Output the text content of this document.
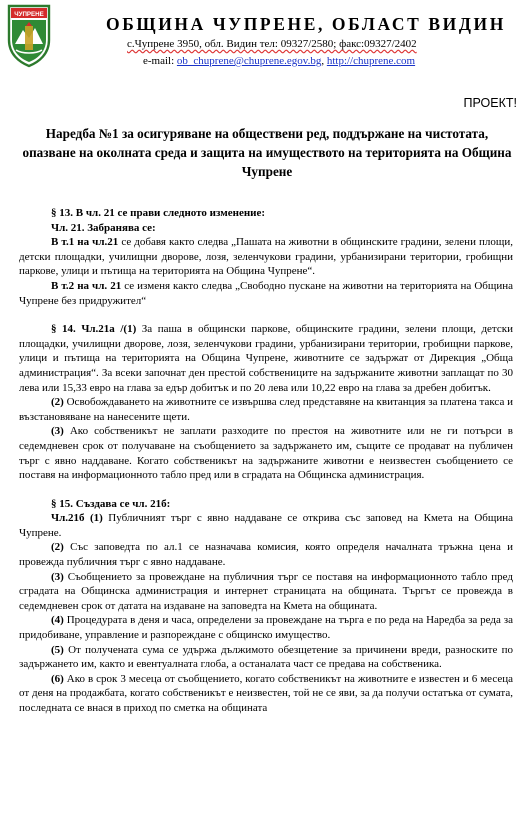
ЧУПРЕНЕ	ОБЩИНА ЧУПРЕНЕ, ОБЛАСТ ВИДИН
с.Чупрене 3950, обл. Видин тел: 09327/2580; факс:09327/2402
e-mail: ob_chuprene@chuprene.egov.bg, http://chuprene.com
ПРОЕКТ!
Наредба №1 за осигуряване на обществени ред, поддържане на чистотата, опазване на околната среда и защита на имуществото на територията на Община Чупрене

§ 13. В чл. 21 се прави следното изменение:

Чл. 21. Забранява се:

В т.1 на чл.21 се добавя както следва „Пашата на животни в общинските градини, зелени площи, детски площадки, училищни дворове, лозя, зеленчукови градини, урбанизирани територии, гробищни паркове, улици и пътища на територията на Община Чупрене“.

В т.2 на чл. 21 се изменя както следва „Свободно пускане на животни на територията на Община Чупрене без придружител“

§ 14. Чл.21а /(1) За паша в общински паркове, общинските градини, зелени площи, детски площадки, училищни дворове, лозя, зеленчукови градини, урбанизирани територии, гробищни паркове, улици и пътища на територията на Община Чупрене, животните се задържат от Дирекция „Обща администрация“. За всеки започнат ден престой собствениците на задържаните животни заплащат по 30 лева или 15,33 евро на глава за едър добитък и по 20 лева или 10,22 евро на глава за дребен добитък.

(2) Освобождаването на животните се извършва след представяне на квитанция за платена такса и възстановяване на нанесените щети.

(3) Ако собственикът не заплати разходите по престоя на животните или не ги потърси в седемдневен срок от получаване на съобщението за задържането им, същите се продават на публичен търг с явно наддаване. Когато собственикът на задържаните животни е неизвестен съобщението се поставя на информационното табло пред или в сградата на Общинска администрация.

§ 15. Създава се чл. 21б:

Чл.21б (1) Публичният търг с явно наддаване се открива със заповед на Кмета на Община Чупрене.

(2) Със заповедта по ал.1 се назначава комисия, която определя началната тръжна цена и провежда публичния търг с явно наддаване.

(3) Съобщението за провеждане на публичния търг се поставя на информационното табло пред сградата на Общинска администрация и интернет страницата на общината. Търгът се провежда в седемдневен срок от датата на издаване на заповедта на Кмета на общината.

(4) Процедурата в деня и часа, определени за провеждане на търга е по реда на Наредба за реда за придобиване, управление и разпореждане с общинско имущество.

(5) От получената сума се удържа дължимото обезщетение за причинени вреди, разноските по задържането им, както и евентуалната глоба, а останалата част се предава на собственика.

(6) Ако в срок 3 месеца от съобщението, когато собственикът на животните е известен и 6 месеца от деня на продажбата, когато собственикът е неизвестен, той не се яви, за да получи остатъка от сумата, последната се внася в приход по сметка на общината
